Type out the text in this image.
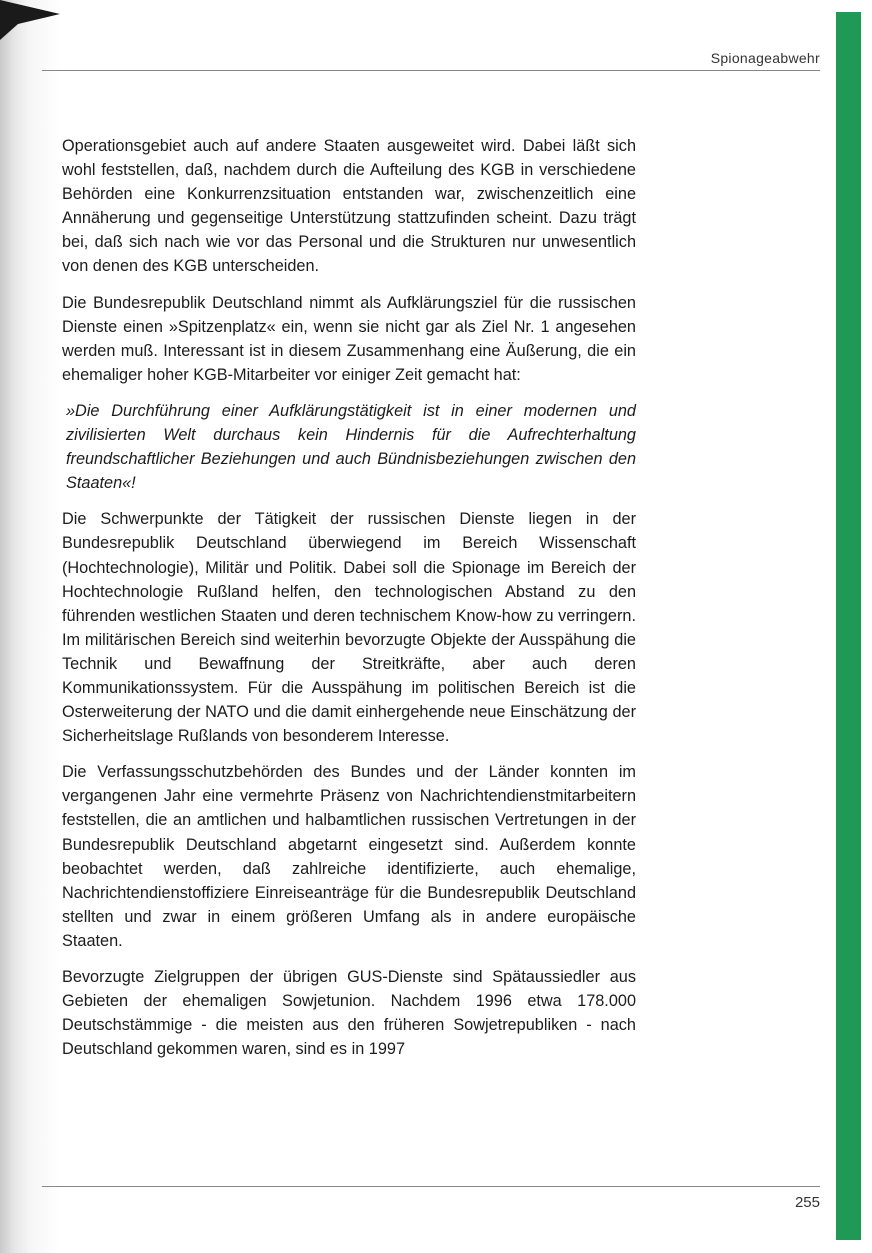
Spionageabwehr

Operationsgebiet auch auf andere Staaten ausgeweitet wird. Dabei läßt sich wohl feststellen, daß, nachdem durch die Aufteilung des KGB in verschiedene Behörden eine Konkurrenzsituation entstanden war, zwischenzeitlich eine Annäherung und gegenseitige Unterstützung stattzufinden scheint. Dazu trägt bei, daß sich nach wie vor das Personal und die Strukturen nur unwesentlich von denen des KGB unterscheiden.

Die Bundesrepublik Deutschland nimmt als Aufklärungsziel für die russischen Dienste einen »Spitzenplatz« ein, wenn sie nicht gar als Ziel Nr. 1 angesehen werden muß. Interessant ist in diesem Zusammenhang eine Äußerung, die ein ehemaliger hoher KGB-Mitarbeiter vor einiger Zeit gemacht hat:

»Die Durchführung einer Aufklärungstätigkeit ist in einer modernen und zivilisierten Welt durchaus kein Hindernis für die Aufrechterhaltung freundschaftlicher Beziehungen und auch Bündnisbeziehungen zwischen den Staaten«!

Die Schwerpunkte der Tätigkeit der russischen Dienste liegen in der Bundesrepublik Deutschland überwiegend im Bereich Wissenschaft (Hochtechnologie), Militär und Politik. Dabei soll die Spionage im Bereich der Hochtechnologie Rußland helfen, den technologischen Abstand zu den führenden westlichen Staaten und deren technischem Know-how zu verringern. Im militärischen Bereich sind weiterhin bevorzugte Objekte der Ausspähung die Technik und Bewaffnung der Streitkräfte, aber auch deren Kommunikationssystem. Für die Ausspähung im politischen Bereich ist die Osterweiterung der NATO und die damit einhergehende neue Einschätzung der Sicherheitslage Rußlands von besonderem Interesse.

Die Verfassungsschutzbehörden des Bundes und der Länder konnten im vergangenen Jahr eine vermehrte Präsenz von Nachrichtendienstmitarbeitern feststellen, die an amtlichen und halbamtlichen russischen Vertretungen in der Bundesrepublik Deutschland abgetarnt eingesetzt sind. Außerdem konnte beobachtet werden, daß zahlreiche identifizierte, auch ehemalige, Nachrichtendienstoffiziere Einreiseanträge für die Bundesrepublik Deutschland stellten und zwar in einem größeren Umfang als in andere europäische Staaten.

Bevorzugte Zielgruppen der übrigen GUS-Dienste sind Spätaussiedler aus Gebieten der ehemaligen Sowjetunion. Nachdem 1996 etwa 178.000 Deutschstämmige - die meisten aus den früheren Sowjetrepubliken - nach Deutschland gekommen waren, sind es in 1997

255
